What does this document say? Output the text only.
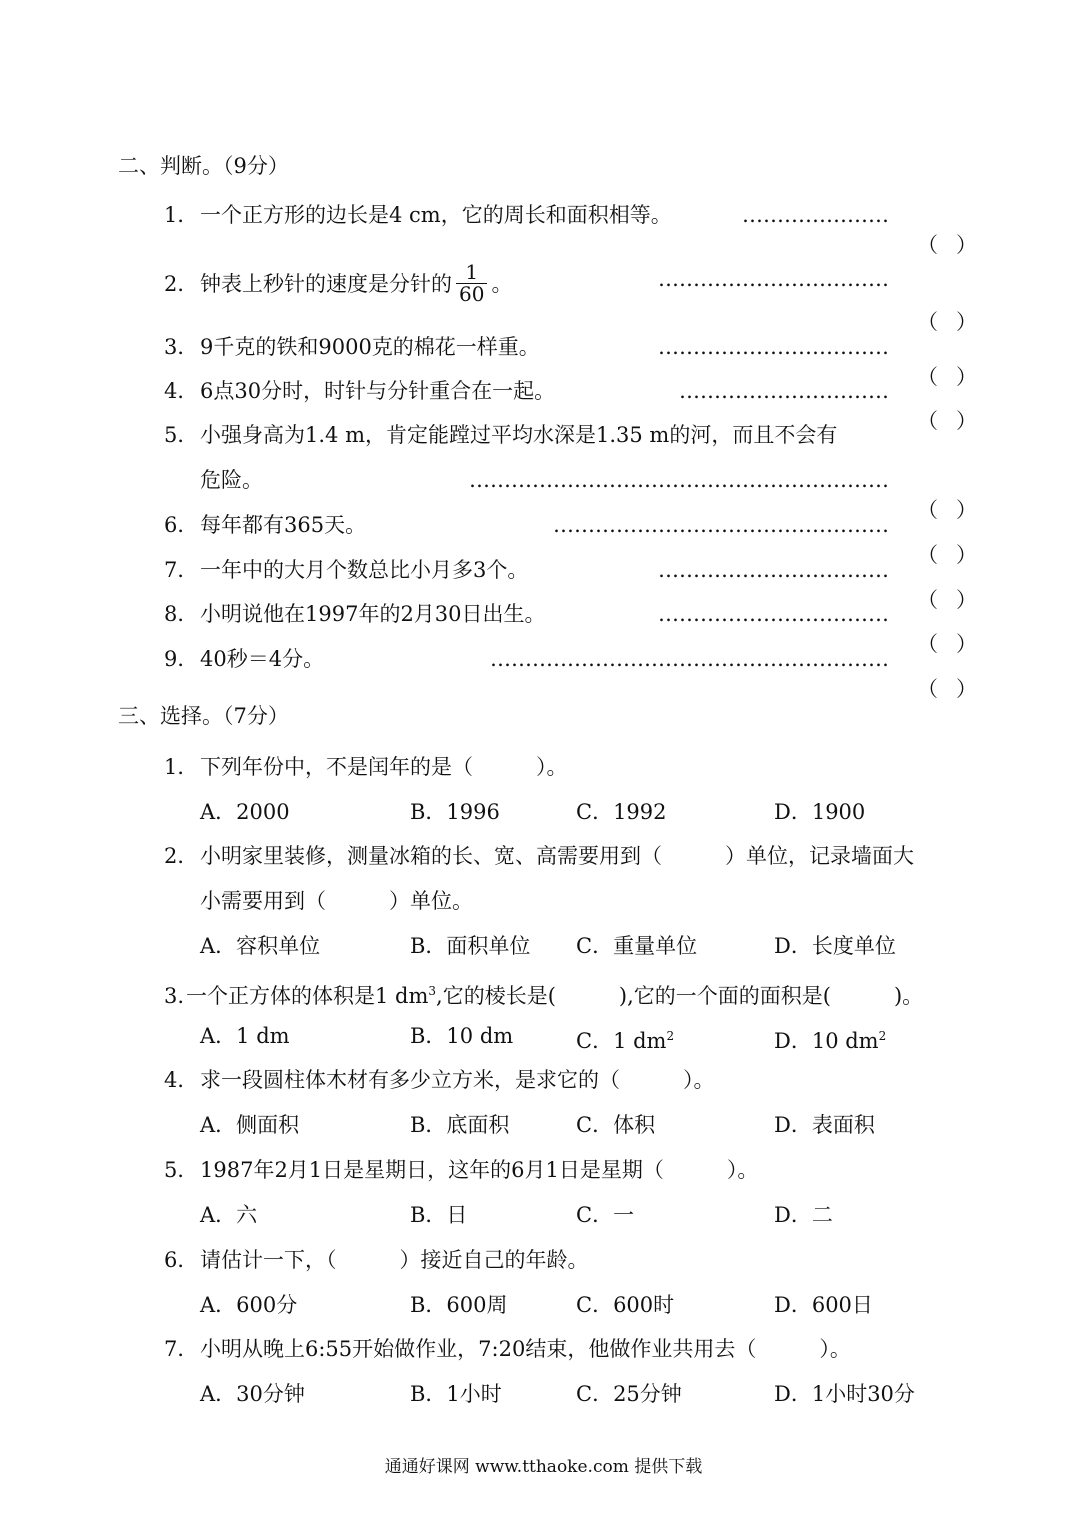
二、判断。（9分）
1．一个正方形的边长是4 cm，它的周长和面积相等。	…………………
（ ）
2．钟表上秒针的速度是分针的 $\frac{1}{60}$ 。	……………………………
（ ）
3．9千克的铁和9000克的棉花一样重。	……………………………
（ ）
4．6点30分时，时针与分针重合在一起。	…………………………
（ ）
5．小强身高为1.4 m，肯定能蹚过平均水深是1.35 m的河，而且不会有
危险。	……………………………………………………
（ ）
6．每年都有365天。	…………………………………………
（ ）
7．一年中的大月个数总比小月多3个。	……………………………
（ ）
8．小明说他在1997年的2月30日出生。	……………………………
（ ）
9．40秒＝4分。	…………………………………………………
（ ）
三、选择。（7分）
1．下列年份中，不是闰年的是（　　　）。
A．2000	B．1996	C．1992	D．1900
2．小明家里装修，测量冰箱的长、宽、高需要用到（　　　）单位，记录墙面大
小需要用到（　　　）单位。
A．容积单位	B．面积单位 C．重量单位	D．长度单位
3.一个正方体的体积是1 $dm^3$,它的棱长是(　　　),它的一个面的面积是(　　　)。
A．1 dm	B．10 dm	C．1 $dm^2$	D．10 $dm^2$
4．求一段圆柱体木材有多少立方米，是求它的（　　　）。
A．侧面积	B．底面积	C．体积	D．表面积
5．1987年2月1日是星期日，这年的6月1日是星期（　　　）。
A．六	B．日	C．一	D．二
6．请估计一下，（　　　）接近自己的年龄。
A．600分	B．600周	C．600时	D．600日
7．小明从晚上6:55开始做作业，7:20结束，他做作业共用去（　　　）。
A．30分钟	B．1小时	C．25分钟	D．1小时30分
通通好课网 www.tthaoke.com 提供下载
